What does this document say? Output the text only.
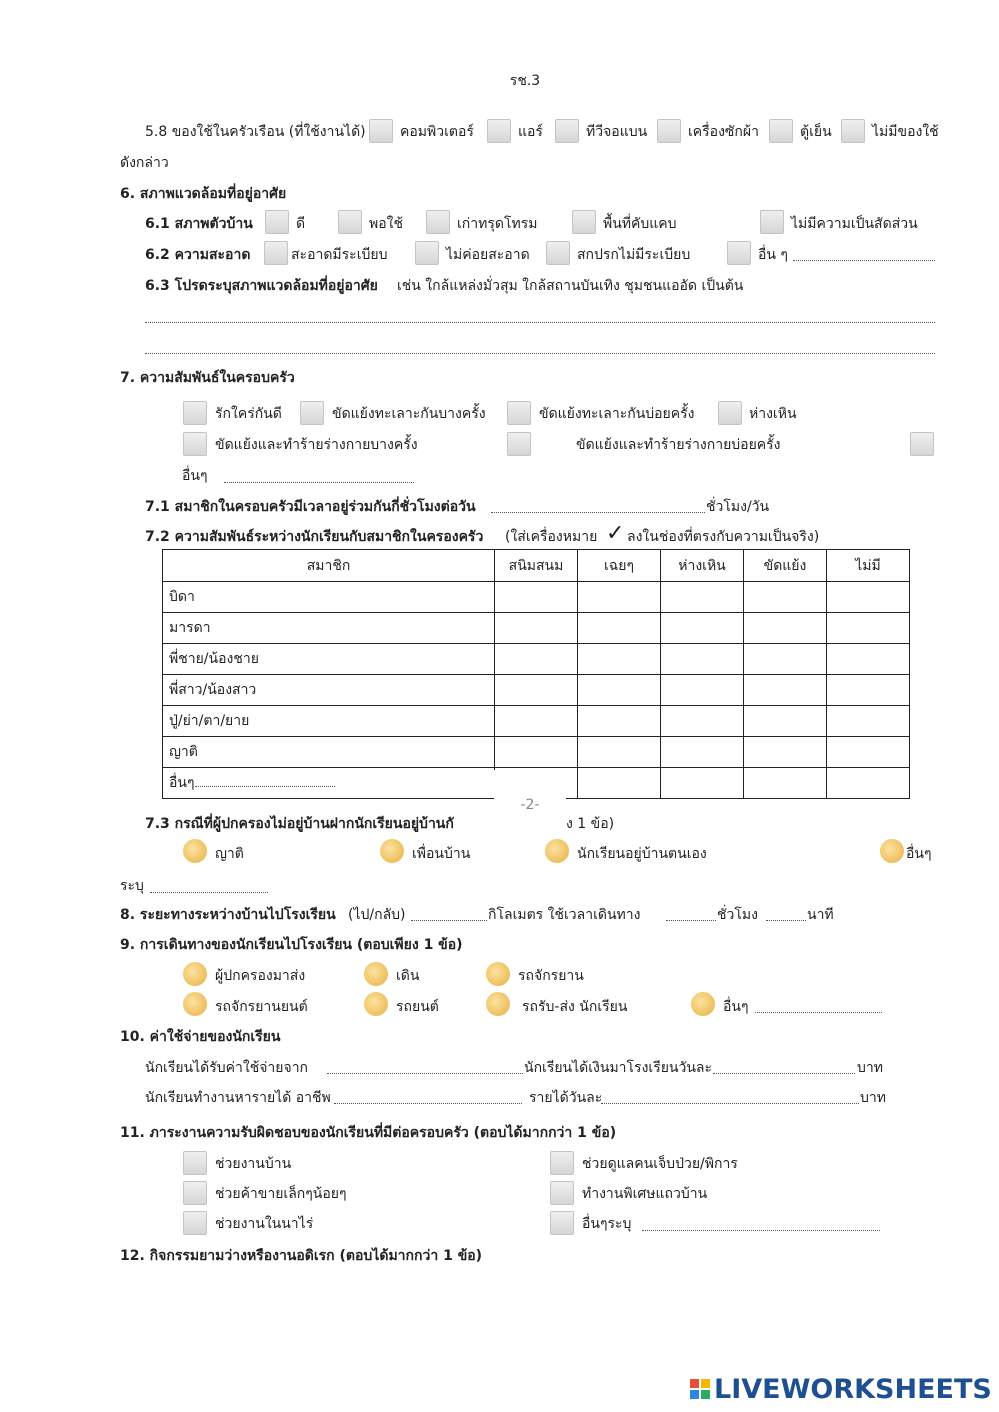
รช.3
5.8 ของใช้ในครัวเรือน (ที่ใช้งานได้) คอมพิวเตอร์	แอร์	ทีวีจอแบน	เครื่องซักผ้า	ตู้เย็น	ไม่มีของใช้
ดังกล่าว
6. สภาพแวดล้อมที่อยู่อาศัย
6.1 สภาพตัวบ้าน	ดี	พอใช้	เก่าทรุดโทรม	พื้นที่คับแคบ	ไม่มีความเป็นสัดส่วน
6.2 ความสะอาด	สะอาดมีระเบียบ	ไม่ค่อยสะอาด	สกปรกไม่มีระเบียบ	อื่น ๆ
6.3 โปรดระบุสภาพแวดล้อมที่อยู่อาศัย เช่น ใกล้แหล่งมั่วสุม ใกล้สถานบันเทิง ชุมชนแออัด เป็นต้น
7. ความสัมพันธ์ในครอบครัว
รักใคร่กันดี	ขัดแย้งทะเลาะกันบางครั้ง	ขัดแย้งทะเลาะกันบ่อยครั้ง	ห่างเหิน
ขัดแย้งและทำร้ายร่างกายบางครั้ง	ขัดแย้งและทำร้ายร่างกายบ่อยครั้ง
อื่นๆ
7.1 สมาชิกในครอบครัวมีเวลาอยู่ร่วมกันกี่ชั่วโมงต่อวัน	ชั่วโมง/วัน
7.2 ความสัมพันธ์ระหว่างนักเรียนกับสมาชิกในครองครัว (ใส่เครื่องหมาย ✓ ลงในช่องที่ตรงกับความเป็นจริง)
สมาชิก	สนิมสนม	เฉยๆ	ห่างเหิน	ขัดแย้ง	ไม่มี
บิดา					
มารดา					
พี่ชาย/น้องชาย					
พี่สาว/น้องสาว					
ปู่/ย่า/ตา/ยาย					
ญาติ					
อื่นๆ					
-2-
7.3 กรณีที่ผู้ปกครองไม่อยู่บ้านฝากนักเรียนอยู่บ้านกั	ง 1 ข้อ)
ญาติ	เพื่อนบ้าน	นักเรียนอยู่บ้านตนเอง	อื่นๆ
ระบุ
8. ระยะทางระหว่างบ้านไปโรงเรียน (ไป/กลับ)	กิโลเมตร ใช้เวลาเดินทาง	ชั่วโมง	นาที
9. การเดินทางของนักเรียนไปโรงเรียน (ตอบเพียง 1 ข้อ)
ผู้ปกครองมาส่ง	เดิน	รถจักรยาน
รถจักรยานยนต์	รถยนต์	รถรับ-ส่ง นักเรียน	อื่นๆ
10. ค่าใช้จ่ายของนักเรียน
นักเรียนได้รับค่าใช้จ่ายจาก	นักเรียนได้เงินมาโรงเรียนวันละ	บาท
นักเรียนทำงานหารายได้ อาชีพ	รายได้วันละ	บาท
11. ภาระงานความรับผิดชอบของนักเรียนที่มีต่อครอบครัว (ตอบได้มากกว่า 1 ข้อ)
ช่วยงานบ้าน	ช่วยดูแลคนเจ็บป่วย/พิการ
ช่วยค้าขายเล็กๆน้อยๆ	ทำงานพิเศษแถวบ้าน
ช่วยงานในนาไร่	อื่นๆระบุ
12. กิจกรรมยามว่างหรืองานอดิเรก (ตอบได้มากกว่า 1 ข้อ)
LIVEWORKSHEETS
